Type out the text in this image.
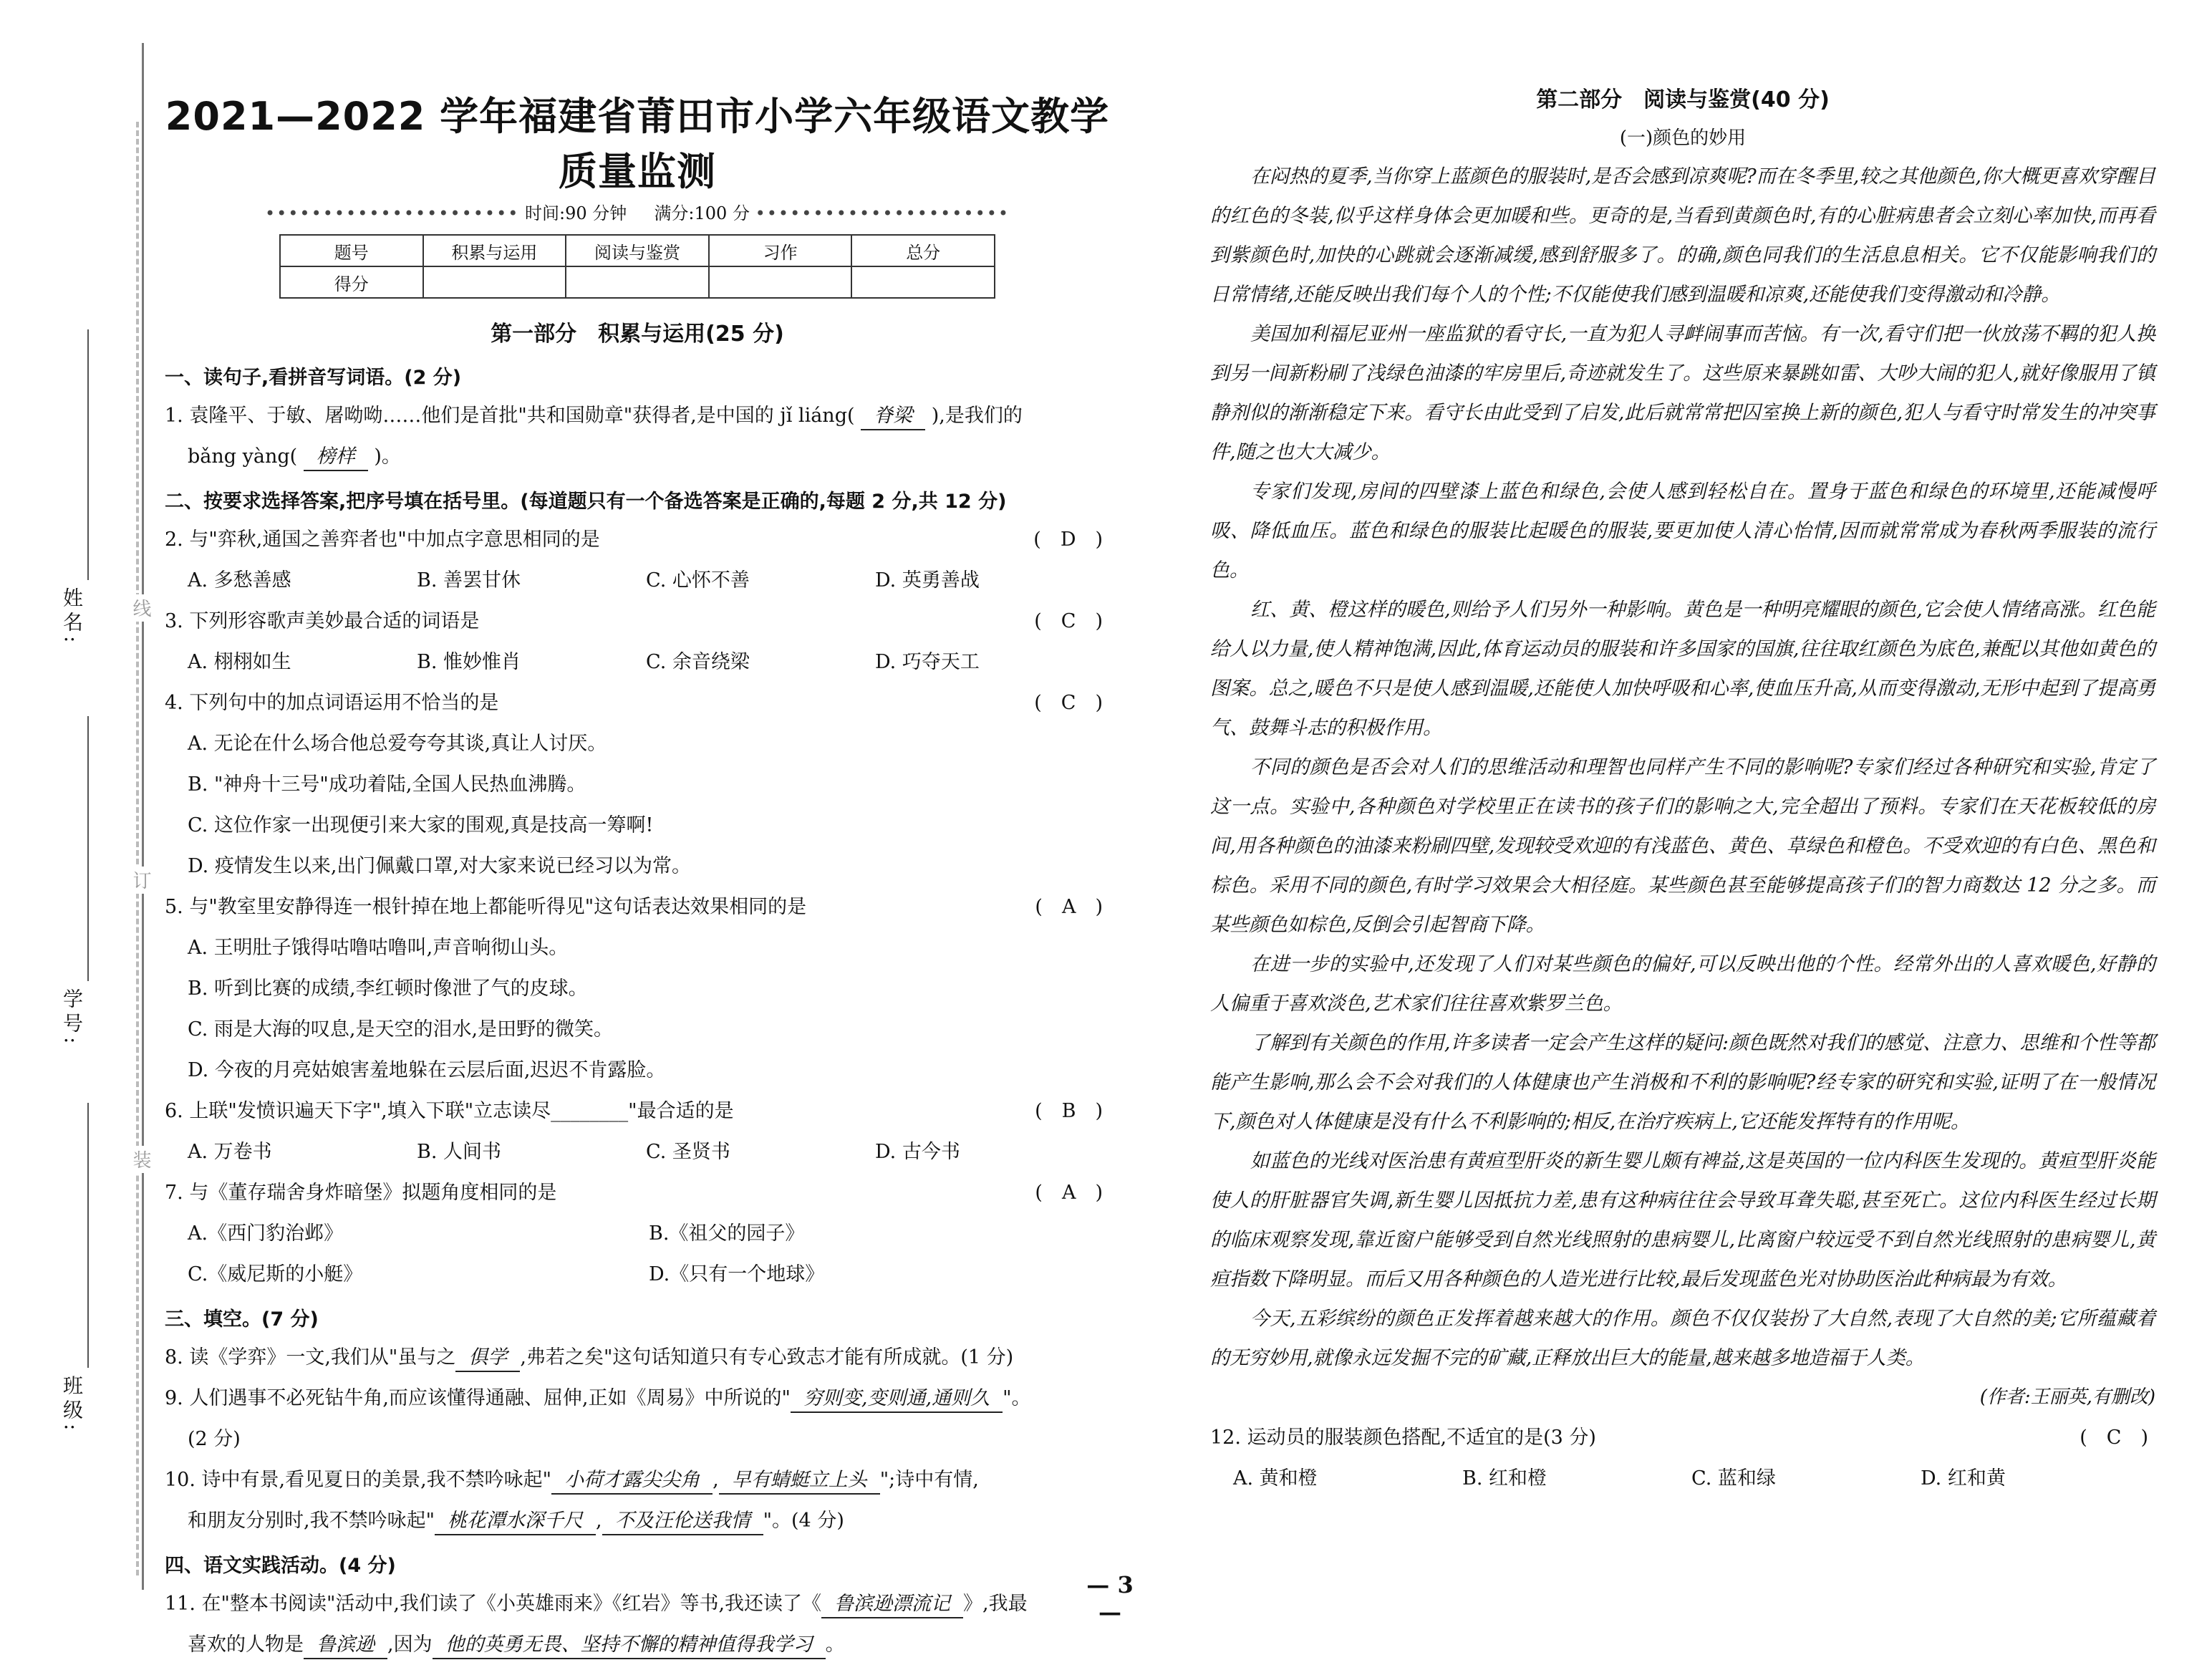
姓名:
学号:
班级:
线
订
装
2021—2022 学年福建省莆田市小学六年级语文教学质量监测
•••••••••••••••••••••• 时间:90 分钟 满分:100 分 ••••••••••••••••••••••
题号	积累与运用	阅读与鉴赏	习作	总分
得分				
第一部分　积累与运用(25 分)
一、读句子,看拼音写词语。(2 分)
1. 袁隆平、于敏、屠呦呦……他们是首批"共和国勋章"获得者,是中国的 jǐ liáng( 脊梁 ),是我们的
bǎng yàng( 榜样 )。
二、按要求选择答案,把序号填在括号里。(每道题只有一个备选答案是正确的,每题 2 分,共 12 分)
2. 与"弈秋,通国之善弈者也"中加点字意思相同的是	(　D　)
A. 多愁善感	B. 善罢甘休	C. 心怀不善	D. 英勇善战
3. 下列形容歌声美妙最合适的词语是	(　C　)
A. 栩栩如生	B. 惟妙惟肖	C. 余音绕梁	D. 巧夺天工
4. 下列句中的加点词语运用不恰当的是	(　C　)
A. 无论在什么场合他总爱夸夸其谈,真让人讨厌。
B. "神舟十三号"成功着陆,全国人民热血沸腾。
C. 这位作家一出现便引来大家的围观,真是技高一筹啊!
D. 疫情发生以来,出门佩戴口罩,对大家来说已经习以为常。
5. 与"教室里安静得连一根针掉在地上都能听得见"这句话表达效果相同的是	(　A　)
A. 王明肚子饿得咕噜咕噜叫,声音响彻山头。
B. 听到比赛的成绩,李红顿时像泄了气的皮球。
C. 雨是大海的叹息,是天空的泪水,是田野的微笑。
D. 今夜的月亮姑娘害羞地躲在云层后面,迟迟不肯露脸。
6. 上联"发愤识遍天下字",填入下联"立志读尽________"最合适的是	(　B　)
A. 万卷书	B. 人间书	C. 圣贤书	D. 古今书
7. 与《董存瑞舍身炸暗堡》拟题角度相同的是	(　A　)
A.《西门豹治邺》	B.《祖父的园子》
C.《威尼斯的小艇》	D.《只有一个地球》
三、填空。(7 分)
8. 读《学弈》一文,我们从"虽与之 俱学 ,弗若之矣"这句话知道只有专心致志才能有所成就。(1 分)
9. 人们遇事不必死钻牛角,而应该懂得通融、屈伸,正如《周易》中所说的" 穷则变,变则通,通则久 "。
(2 分)
10. 诗中有景,看见夏日的美景,我不禁吟咏起" 小荷才露尖尖角 , 早有蜻蜓立上头 ";诗中有情,
和朋友分别时,我不禁吟咏起" 桃花潭水深千尺 , 不及汪伦送我情 "。(4 分)
四、语文实践活动。(4 分)
11. 在"整本书阅读"活动中,我们读了《小英雄雨来》《红岩》等书,我还读了《 鲁滨逊漂流记 》,我最
喜欢的人物是 鲁滨逊 ,因为 他的英勇无畏、坚持不懈的精神值得我学习 。
第二部分　阅读与鉴赏(40 分)
(一)颜色的妙用

在闷热的夏季,当你穿上蓝颜色的服装时,是否会感到凉爽呢?而在冬季里,较之其他颜色,你大概更喜欢穿醒目的红色的冬装,似乎这样身体会更加暖和些。更奇的是,当看到黄颜色时,有的心脏病患者会立刻心率加快,而再看到紫颜色时,加快的心跳就会逐渐减缓,感到舒服多了。的确,颜色同我们的生活息息相关。它不仅能影响我们的日常情绪,还能反映出我们每个人的个性;不仅能使我们感到温暖和凉爽,还能使我们变得激动和冷静。

美国加利福尼亚州一座监狱的看守长,一直为犯人寻衅闹事而苦恼。有一次,看守们把一伙放荡不羁的犯人换到另一间新粉刷了浅绿色油漆的牢房里后,奇迹就发生了。这些原来暴跳如雷、大吵大闹的犯人,就好像服用了镇静剂似的渐渐稳定下来。看守长由此受到了启发,此后就常常把囚室换上新的颜色,犯人与看守时常发生的冲突事件,随之也大大减少。

专家们发现,房间的四壁漆上蓝色和绿色,会使人感到轻松自在。置身于蓝色和绿色的环境里,还能减慢呼吸、降低血压。蓝色和绿色的服装比起暖色的服装,要更加使人清心怡情,因而就常常成为春秋两季服装的流行色。

红、黄、橙这样的暖色,则给予人们另外一种影响。黄色是一种明亮耀眼的颜色,它会使人情绪高涨。红色能给人以力量,使人精神饱满,因此,体育运动员的服装和许多国家的国旗,往往取红颜色为底色,兼配以其他如黄色的图案。总之,暖色不只是使人感到温暖,还能使人加快呼吸和心率,使血压升高,从而变得激动,无形中起到了提高勇气、鼓舞斗志的积极作用。

不同的颜色是否会对人们的思维活动和理智也同样产生不同的影响呢?专家们经过各种研究和实验,肯定了这一点。实验中,各种颜色对学校里正在读书的孩子们的影响之大,完全超出了预料。专家们在天花板较低的房间,用各种颜色的油漆来粉刷四壁,发现较受欢迎的有浅蓝色、黄色、草绿色和橙色。不受欢迎的有白色、黑色和棕色。采用不同的颜色,有时学习效果会大相径庭。某些颜色甚至能够提高孩子们的智力商数达 12 分之多。而某些颜色如棕色,反倒会引起智商下降。

在进一步的实验中,还发现了人们对某些颜色的偏好,可以反映出他的个性。经常外出的人喜欢暖色,好静的人偏重于喜欢淡色,艺术家们往往喜欢紫罗兰色。

了解到有关颜色的作用,许多读者一定会产生这样的疑问:颜色既然对我们的感觉、注意力、思维和个性等都能产生影响,那么会不会对我们的人体健康也产生消极和不利的影响呢?经专家的研究和实验,证明了在一般情况下,颜色对人体健康是没有什么不利影响的;相反,在治疗疾病上,它还能发挥特有的作用呢。

如蓝色的光线对医治患有黄疸型肝炎的新生婴儿颇有裨益,这是英国的一位内科医生发现的。黄疸型肝炎能使人的肝脏器官失调,新生婴儿因抵抗力差,患有这种病往往会导致耳聋失聪,甚至死亡。这位内科医生经过长期的临床观察发现,靠近窗户能够受到自然光线照射的患病婴儿,比离窗户较远受不到自然光线照射的患病婴儿,黄疸指数下降明显。而后又用各种颜色的人造光进行比较,最后发现蓝色光对协助医治此种病最为有效。

今天,五彩缤纷的颜色正发挥着越来越大的作用。颜色不仅仅装扮了大自然,表现了大自然的美;它所蕴藏着的无穷妙用,就像永远发掘不完的矿藏,正释放出巨大的能量,越来越多地造福于人类。

(作者:王丽英,有删改)
12. 运动员的服装颜色搭配,不适宜的是(3 分)	(　C　)
A. 黄和橙	B. 红和橙	C. 蓝和绿	D. 红和黄
— 3 —
